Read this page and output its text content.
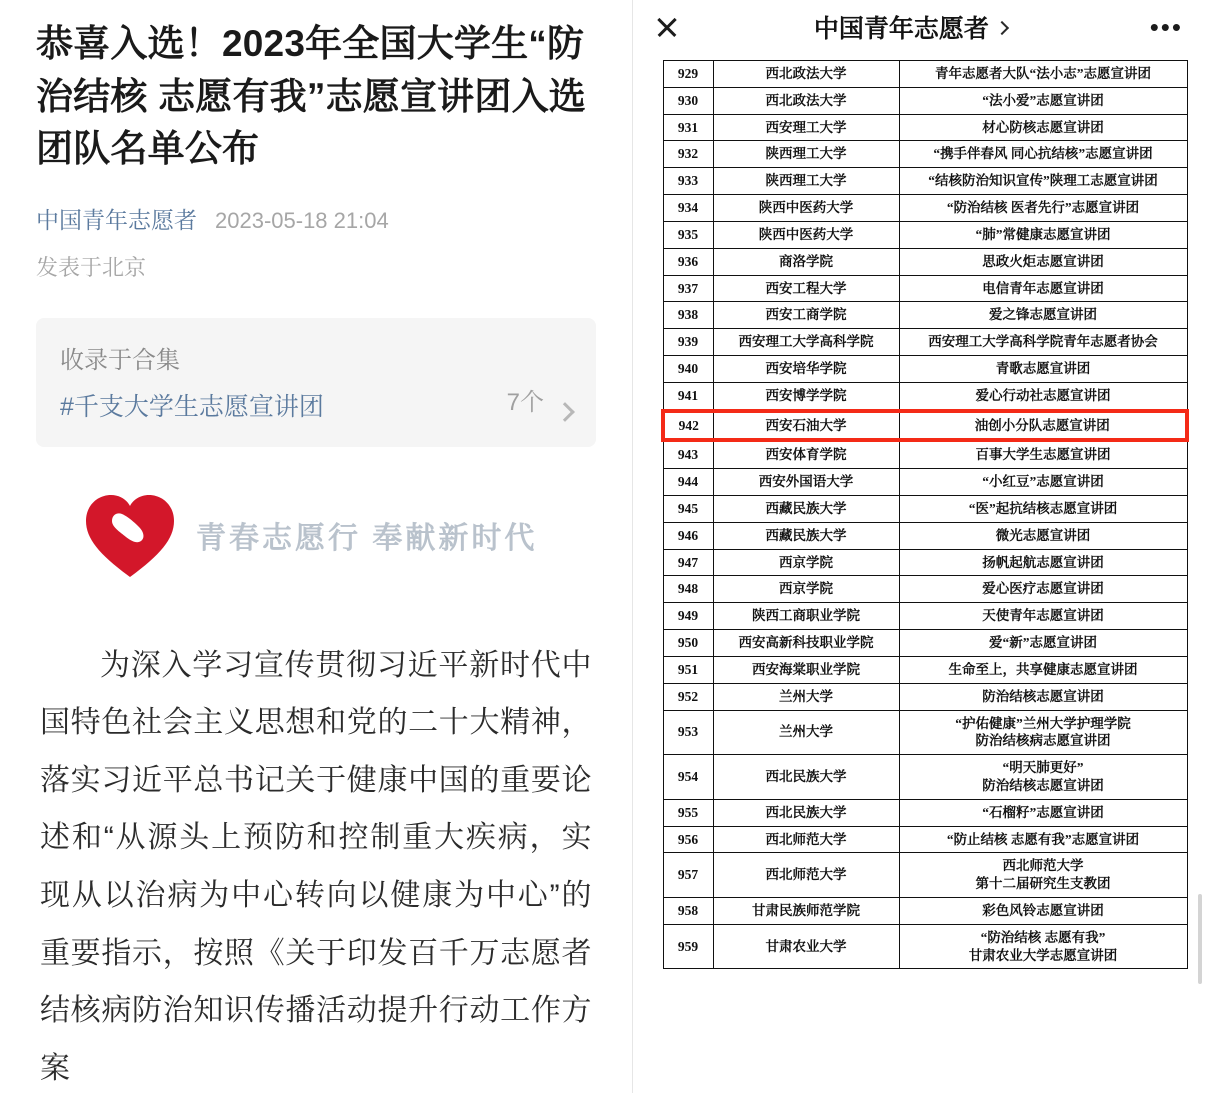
恭喜入选！2023年全国大学生“防治结核 志愿有我”志愿宣讲团入选团队名单公布
中国青年志愿者 2023-05-18 21:04
发表于北京
收录于合集
#千支大学生志愿宣讲团	7个
青春志愿行 奉献新时代

为深入学习宣传贯彻习近平新时代中国特色社会主义思想和党的二十大精神，落实习近平总书记关于健康中国的重要论述和“从源头上预防和控制重大疾病，实现从以治病为中心转向以健康为中心”的重要指示，按照《关于印发百千万志愿者结核病防治知识传播活动提升行动工作方案

中国青年志愿者	•••
929	西北政法大学	青年志愿者大队“法小志”志愿宣讲团
930	西北政法大学	“法小爱”志愿宣讲团
931	西安理工大学	材心防核志愿宣讲团
932	陕西理工大学	“携手伴春风 同心抗结核”志愿宣讲团
933	陕西理工大学	“结核防治知识宣传”陕理工志愿宣讲团
934	陕西中医药大学	“防治结核 医者先行”志愿宣讲团
935	陕西中医药大学	“肺”常健康志愿宣讲团
936	商洛学院	思政火炬志愿宣讲团
937	西安工程大学	电信青年志愿宣讲团
938	西安工商学院	爱之锋志愿宣讲团
939	西安理工大学高科学院	西安理工大学高科学院青年志愿者协会
940	西安培华学院	青歌志愿宣讲团
941	西安博学学院	爱心行动社志愿宣讲团
942	西安石油大学	油创小分队志愿宣讲团
943	西安体育学院	百事大学生志愿宣讲团
944	西安外国语大学	“小红豆”志愿宣讲团
945	西藏民族大学	“医”起抗结核志愿宣讲团
946	西藏民族大学	微光志愿宣讲团
947	西京学院	扬帆起航志愿宣讲团
948	西京学院	爱心医疗志愿宣讲团
949	陕西工商职业学院	天使青年志愿宣讲团
950	西安高新科技职业学院	爱“新”志愿宣讲团
951	西安海棠职业学院	生命至上，共享健康志愿宣讲团
952	兰州大学	防治结核志愿宣讲团
953	兰州大学	“护佑健康”兰州大学护理学院
防治结核病志愿宣讲团
954	西北民族大学	“明天肺更好”
防治结核志愿宣讲团
955	西北民族大学	“石榴籽”志愿宣讲团
956	西北师范大学	“防止结核 志愿有我”志愿宣讲团
957	西北师范大学	西北师范大学
第十二届研究生支教团
958	甘肃民族师范学院	彩色风铃志愿宣讲团
959	甘肃农业大学	“防治结核 志愿有我”
甘肃农业大学志愿宣讲团
